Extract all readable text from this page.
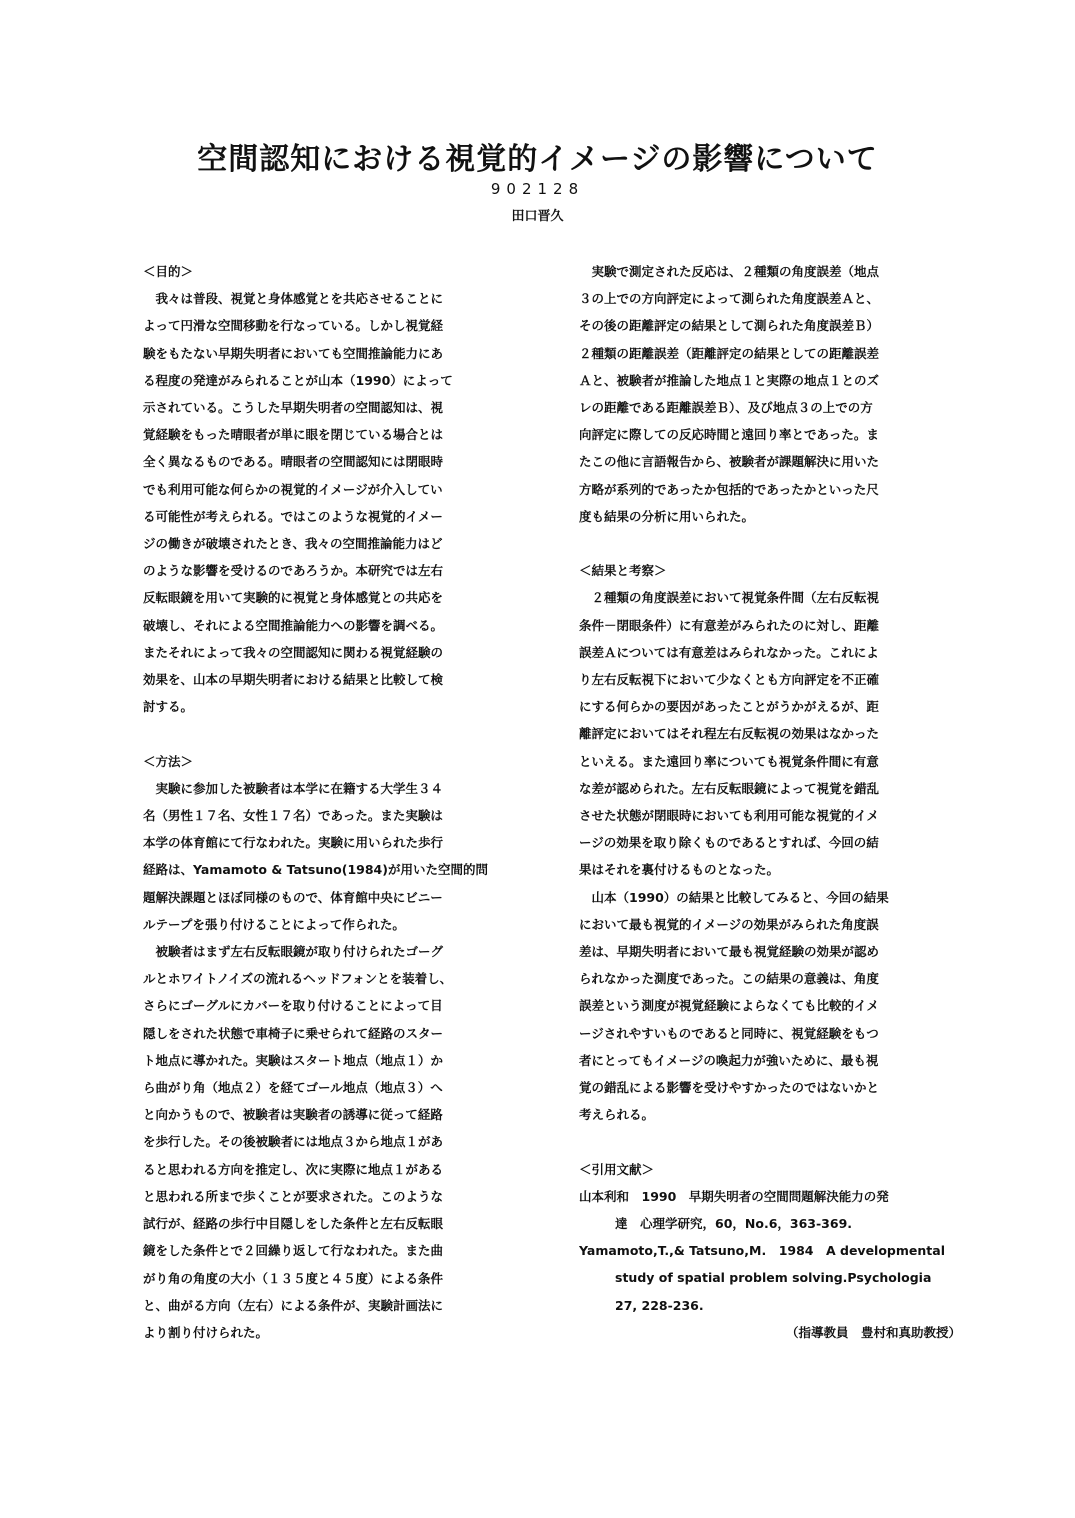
空間認知における視覚的イメージの影響について
902128
田口晋久
＜目的＞
　我々は普段、視覚と身体感覚とを共応させることに
よって円滑な空間移動を行なっている。しかし視覚経
験をもたない早期失明者においても空間推論能力にあ
る程度の発達がみられることが山本（1990）によって
示されている。こうした早期失明者の空間認知は、視
覚経験をもった晴眼者が単に眼を閉じている場合とは
全く異なるものである。晴眼者の空間認知には閉眼時
でも利用可能な何らかの視覚的イメージが介入してい
る可能性が考えられる。ではこのような視覚的イメー
ジの働きが破壊されたとき、我々の空間推論能力はど
のような影響を受けるのであろうか。本研究では左右
反転眼鏡を用いて実験的に視覚と身体感覚との共応を
破壊し、それによる空間推論能力への影響を調べる。
またそれによって我々の空間認知に関わる視覚経験の
効果を、山本の早期失明者における結果と比較して検
討する。
＜方法＞
　実験に参加した被験者は本学に在籍する大学生３４
名（男性１７名、女性１７名）であった。また実験は
本学の体育館にて行なわれた。実験に用いられた歩行
経路は、Yamamoto & Tatsuno(1984)が用いた空間的問
題解決課題とほぼ同様のもので、体育館中央にビニー
ルテープを張り付けることによって作られた。
　被験者はまず左右反転眼鏡が取り付けられたゴーグ
ルとホワイトノイズの流れるヘッドフォンとを装着し、
さらにゴーグルにカバーを取り付けることによって目
隠しをされた状態で車椅子に乗せられて経路のスター
ト地点に導かれた。実験はスタート地点（地点１）か
ら曲がり角（地点２）を経てゴール地点（地点３）へ
と向かうもので、被験者は実験者の誘導に従って経路
を歩行した。その後被験者には地点３から地点１があ
ると思われる方向を推定し、次に実際に地点１がある
と思われる所まで歩くことが要求された。このような
試行が、経路の歩行中目隠しをした条件と左右反転眼
鏡をした条件とで２回繰り返して行なわれた。また曲
がり角の角度の大小（１３５度と４５度）による条件
と、曲がる方向（左右）による条件が、実験計画法に
より割り付けられた。
　実験で測定された反応は、２種類の角度誤差（地点
３の上での方向評定によって測られた角度誤差Ａと、
その後の距離評定の結果として測られた角度誤差Ｂ）
２種類の距離誤差（距離評定の結果としての距離誤差
Ａと、被験者が推論した地点１と実際の地点１とのズ
レの距離である距離誤差Ｂ）、及び地点３の上での方
向評定に際しての反応時間と遠回り率とであった。ま
たこの他に言語報告から、被験者が課題解決に用いた
方略が系列的であったか包括的であったかといった尺
度も結果の分析に用いられた。
＜結果と考察＞
　２種類の角度誤差において視覚条件間（左右反転視
条件－閉眼条件）に有意差がみられたのに対し、距離
誤差Ａについては有意差はみられなかった。これによ
り左右反転視下において少なくとも方向評定を不正確
にする何らかの要因があったことがうかがえるが、距
離評定においてはそれ程左右反転視の効果はなかった
といえる。また遠回り率についても視覚条件間に有意
な差が認められた。左右反転眼鏡によって視覚を錯乱
させた状態が閉眼時においても利用可能な視覚的イメ
ージの効果を取り除くものであるとすれば、今回の結
果はそれを裏付けるものとなった。
　山本（1990）の結果と比較してみると、今回の結果
において最も視覚的イメージの効果がみられた角度誤
差は、早期失明者において最も視覚経験の効果が認め
られなかった測度であった。この結果の意義は、角度
誤差という測度が視覚経験によらなくても比較的イメ
ージされやすいものであると同時に、視覚経験をもつ
者にとってもイメージの喚起力が強いために、最も視
覚の錯乱による影響を受けやすかったのではないかと
考えられる。
＜引用文献＞
山本利和　1990　早期失明者の空間問題解決能力の発
達　心理学研究，60，No.6，363-369.
Yamamoto,T.,& Tatsuno,M.　1984　A developmental
study of spatial problem solving.Psychologia
27, 228-236.
（指導教員　豊村和真助教授）
